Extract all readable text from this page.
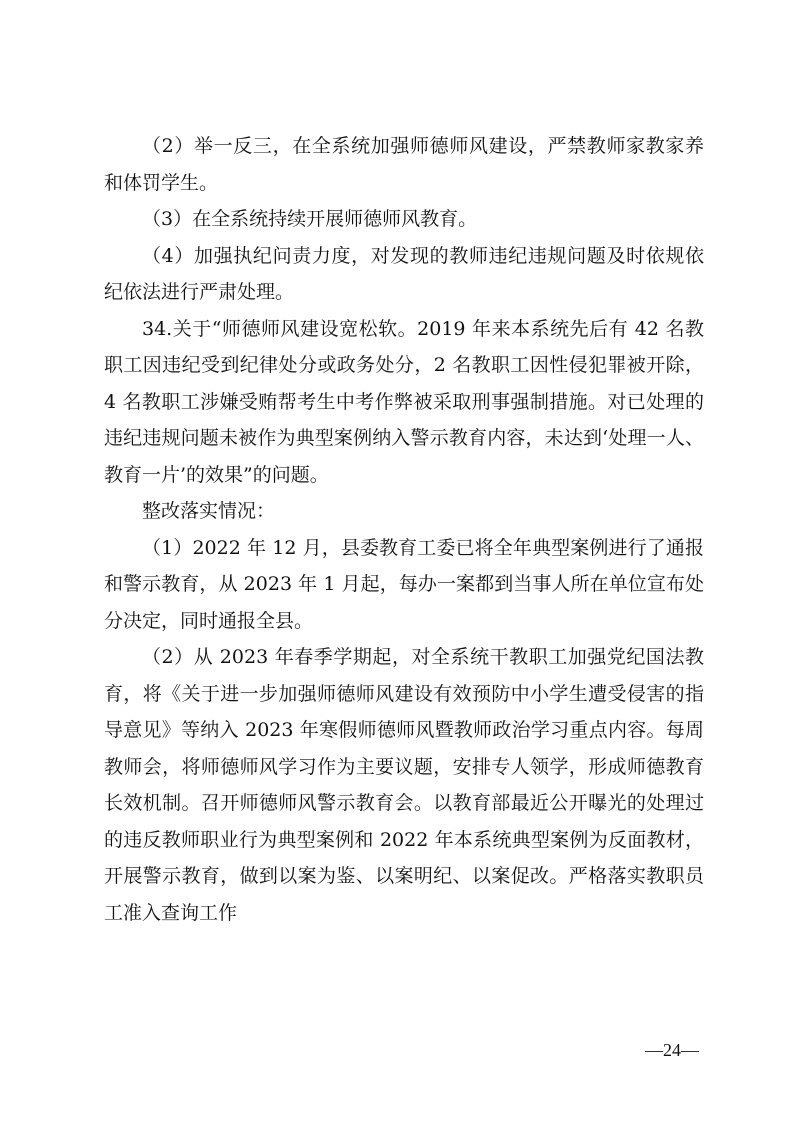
（2）举一反三，在全系统加强师德师风建设，严禁教师家教家养和体罚学生。

（3）在全系统持续开展师德师风教育。

（4）加强执纪问责力度，对发现的教师违纪违规问题及时依规依纪依法进行严肃处理。

34.关于“师德师风建设宽松软。2019 年来本系统先后有 42 名教职工因违纪受到纪律处分或政务处分，2 名教职工因性侵犯罪被开除，4 名教职工涉嫌受贿帮考生中考作弊被采取刑事强制措施。对已处理的违纪违规问题未被作为典型案例纳入警示教育内容，未达到‘处理一人、教育一片’的效果”的问题。

整改落实情况：

（1）2022 年 12 月，县委教育工委已将全年典型案例进行了通报和警示教育，从 2023 年 1 月起，每办一案都到当事人所在单位宣布处分决定，同时通报全县。

（2）从 2023 年春季学期起，对全系统干教职工加强党纪国法教育，将《关于进一步加强师德师风建设有效预防中小学生遭受侵害的指导意见》等纳入 2023 年寒假师德师风暨教师政治学习重点内容。每周教师会，将师德师风学习作为主要议题，安排专人领学，形成师德教育长效机制。召开师德师风警示教育会。以教育部最近公开曝光的处理过的违反教师职业行为典型案例和 2022 年本系统典型案例为反面教材，开展警示教育，做到以案为鉴、以案明纪、以案促改。严格落实教职员工准入查询工作

—24—
